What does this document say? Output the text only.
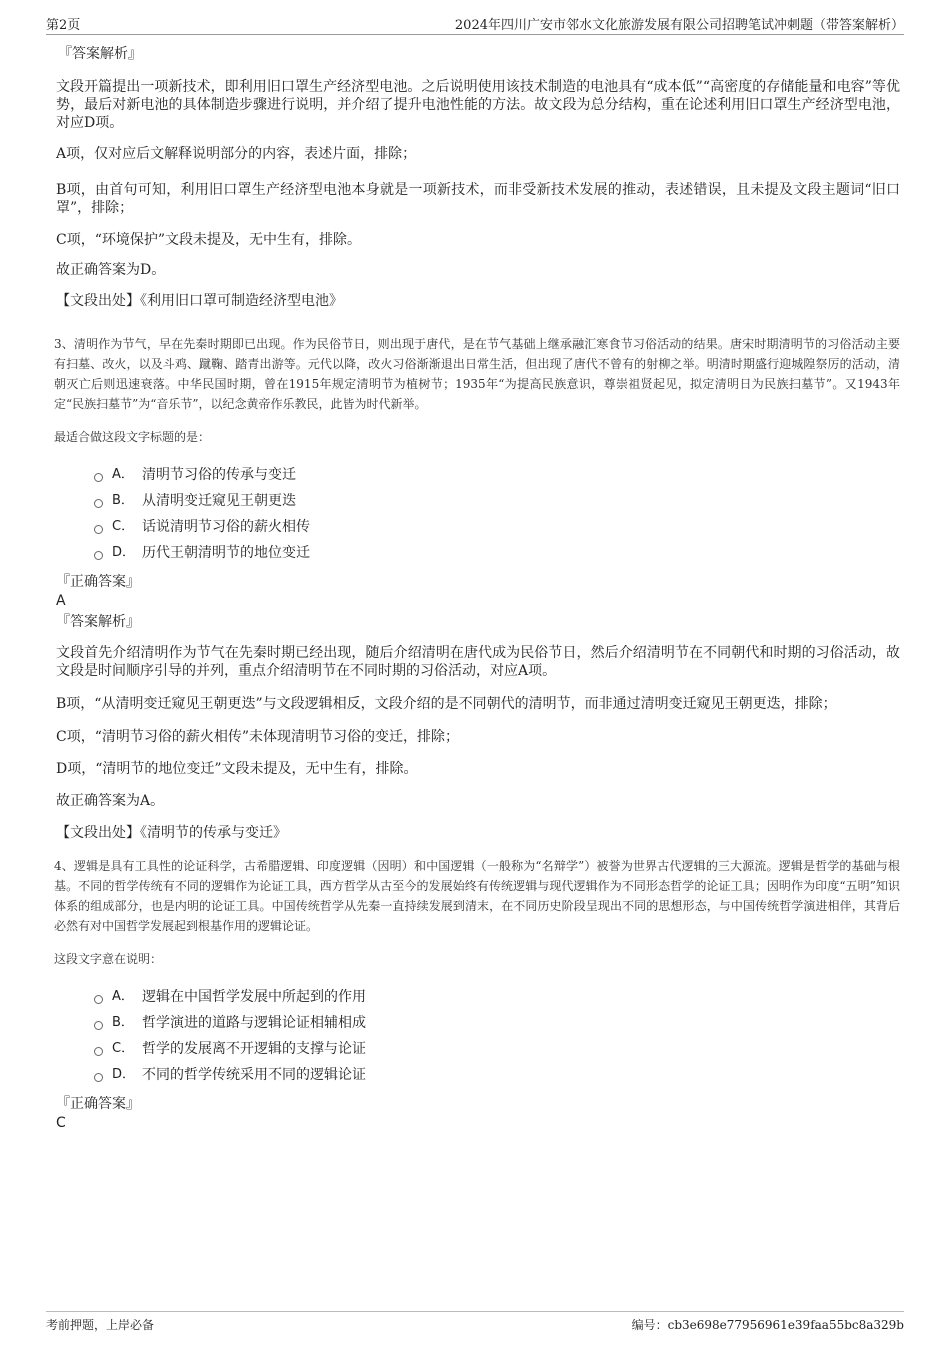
第2页	2024年四川广安市邻水文化旅游发展有限公司招聘笔试冲刺题（带答案解析）

『答案解析』

文段开篇提出一项新技术，即利用旧口罩生产经济型电池。之后说明使用该技术制造的电池具有“成本低”“高密度的存储能量和电容”等优势，最后对新电池的具体制造步骤进行说明，并介绍了提升电池性能的方法。故文段为总分结构，重在论述利用旧口罩生产经济型电池，对应D项。

A项，仅对应后文解释说明部分的内容，表述片面，排除；

B项，由首句可知，利用旧口罩生产经济型电池本身就是一项新技术，而非受新技术发展的推动，表述错误，且未提及文段主题词“旧口罩”，排除；

C项，“环境保护”文段未提及，无中生有，排除。

故正确答案为D。

【文段出处】《利用旧口罩可制造经济型电池》

3、清明作为节气，早在先秦时期即已出现。作为民俗节日，则出现于唐代，是在节气基础上继承融汇寒食节习俗活动的结果。唐宋时期清明节的习俗活动主要有扫墓、改火，以及斗鸡、蹴鞠、踏青出游等。元代以降，改火习俗渐渐退出日常生活，但出现了唐代不曾有的射柳之举。明清时期盛行迎城隍祭厉的活动，清朝灭亡后则迅速衰落。中华民国时期，曾在1915年规定清明节为植树节；1935年“为提高民族意识，尊崇祖贤起见，拟定清明日为民族扫墓节”。又1943年定“民族扫墓节”为“音乐节”，以纪念黄帝作乐教民，此皆为时代新举。

最适合做这段文字标题的是：

A． 清明节习俗的传承与变迁
B． 从清明变迁窥见王朝更迭
C． 话说清明节习俗的薪火相传
D． 历代王朝清明节的地位变迁

『正确答案』

A

『答案解析』

文段首先介绍清明作为节气在先秦时期已经出现，随后介绍清明在唐代成为民俗节日，然后介绍清明节在不同朝代和时期的习俗活动，故文段是时间顺序引导的并列，重点介绍清明节在不同时期的习俗活动，对应A项。

B项，“从清明变迁窥见王朝更迭”与文段逻辑相反，文段介绍的是不同朝代的清明节，而非通过清明变迁窥见王朝更迭，排除；

C项，“清明节习俗的薪火相传”未体现清明节习俗的变迁，排除；

D项，“清明节的地位变迁”文段未提及，无中生有，排除。

故正确答案为A。

【文段出处】《清明节的传承与变迁》

4、逻辑是具有工具性的论证科学，古希腊逻辑、印度逻辑（因明）和中国逻辑（一般称为“名辩学”）被誉为世界古代逻辑的三大源流。逻辑是哲学的基础与根基。不同的哲学传统有不同的逻辑作为论证工具，西方哲学从古至今的发展始终有传统逻辑与现代逻辑作为不同形态哲学的论证工具；因明作为印度“五明”知识体系的组成部分，也是内明的论证工具。中国传统哲学从先秦一直持续发展到清末，在不同历史阶段呈现出不同的思想形态，与中国传统哲学演进相伴，其背后必然有对中国哲学发展起到根基作用的逻辑论证。

这段文字意在说明：

A． 逻辑在中国哲学发展中所起到的作用
B． 哲学演进的道路与逻辑论证相辅相成
C． 哲学的发展离不开逻辑的支撑与论证
D． 不同的哲学传统采用不同的逻辑论证

『正确答案』

C

考前押题，上岸必备	编号：cb3e698e77956961e39faa55bc8a329b
